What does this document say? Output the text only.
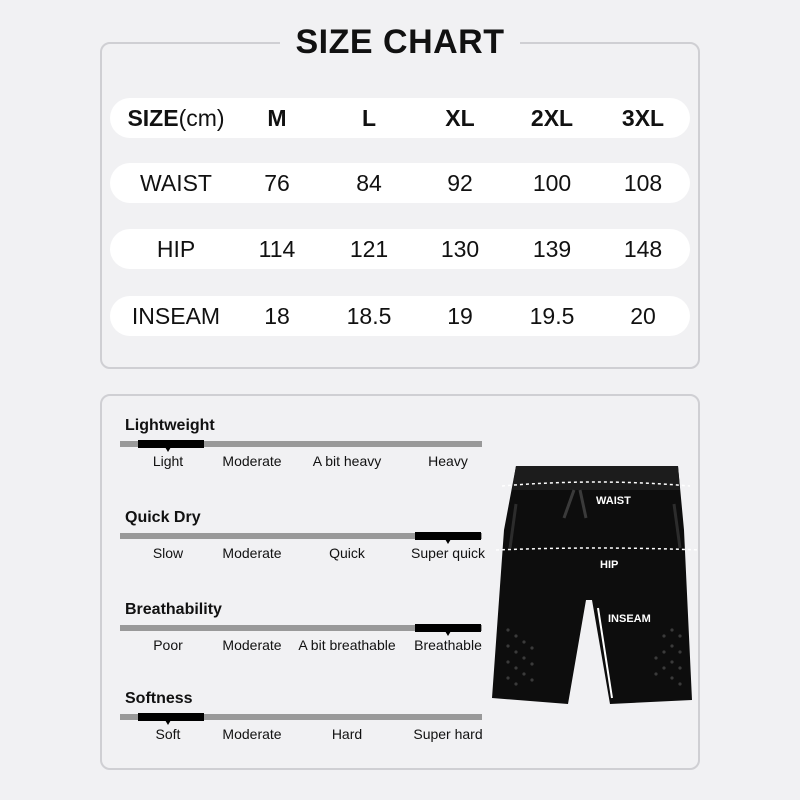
SIZE CHART
SIZE(cm) M	L	XL 2XL 3XL
WAIST 76	84	92	100 108
HIP	114 121 130 139 148
INSEAM 18 18.5 19 19.5 20
Lightweight
Light	Moderate A bit heavy	Heavy
Quick Dry
Slow	Moderate	Quick	Super quick
Breathability
Poor	Moderate A bit breathable Breathable
Softness
Soft	Moderate	Hard	Super hard
WAIST
HIP
INSEAM
